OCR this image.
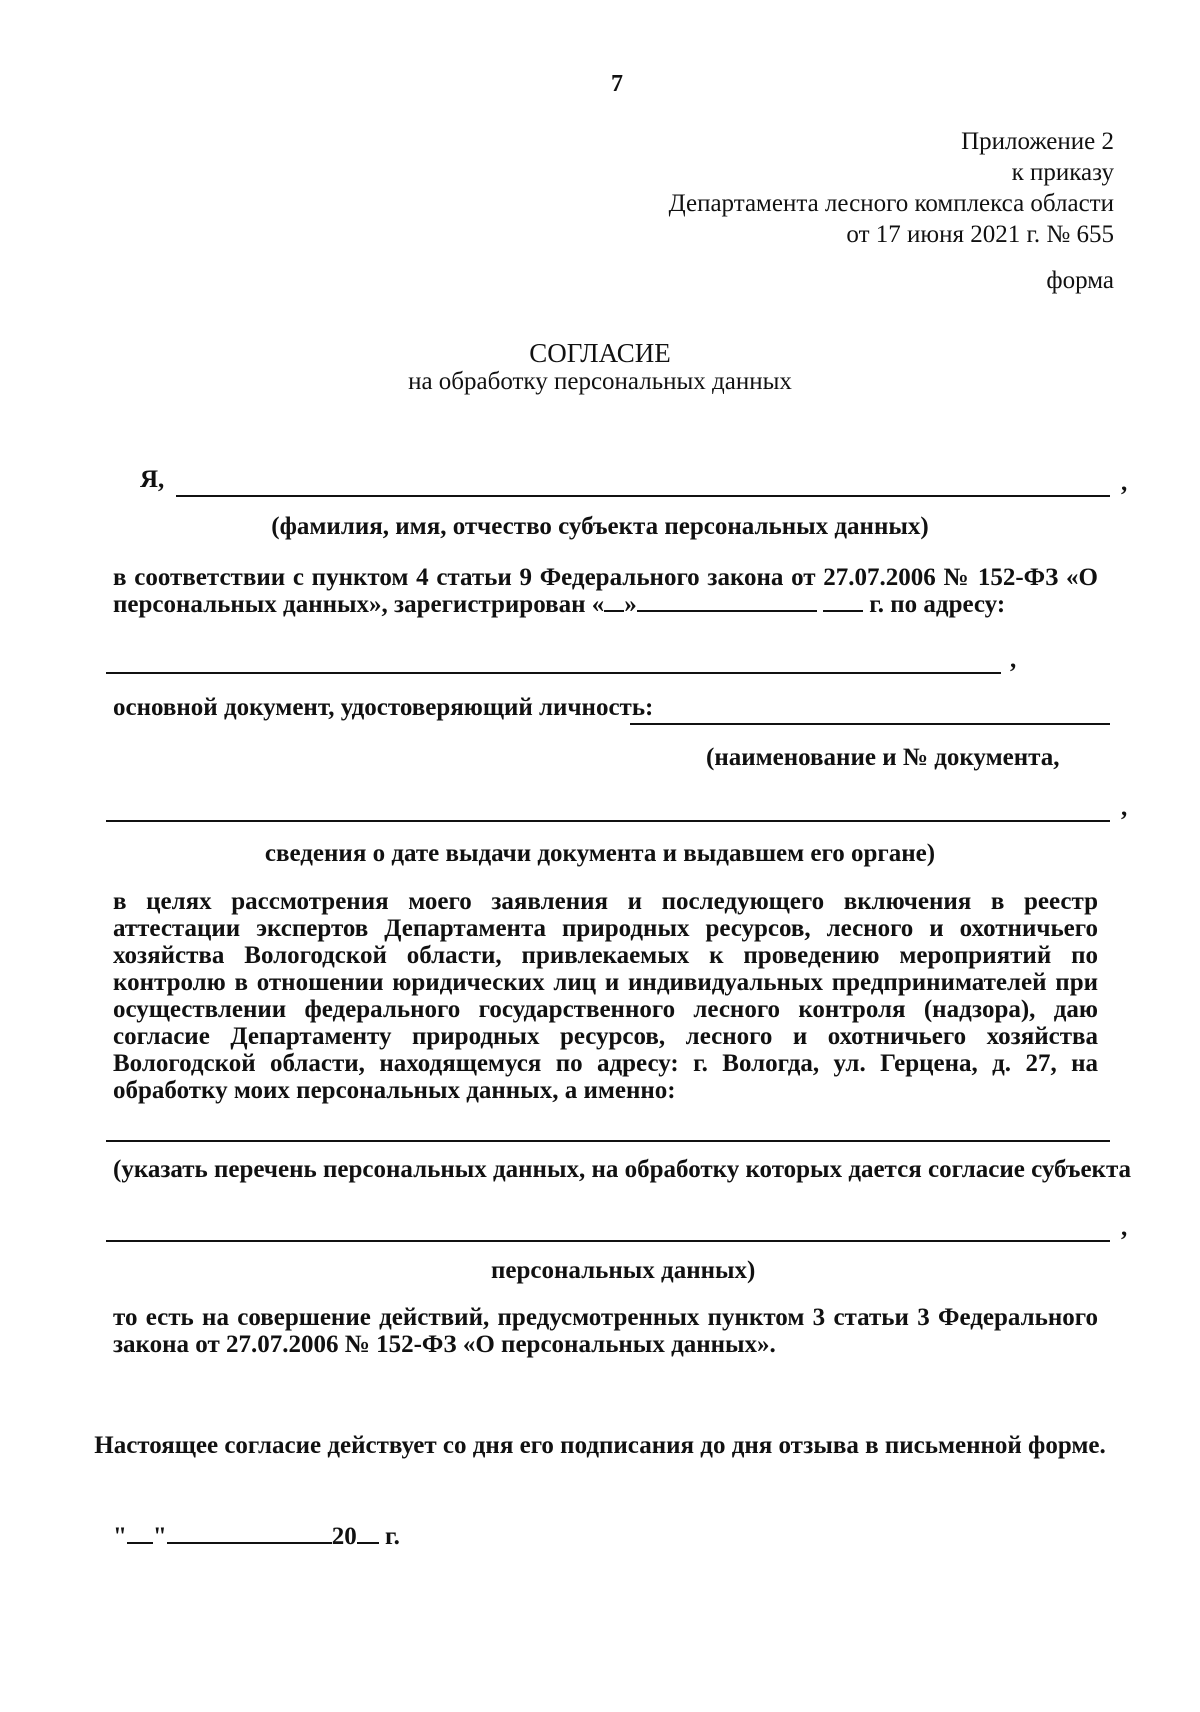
7
Приложение 2
к приказу
Департамента лесного комплекса области
от 17 июня 2021 г. № 655
форма
СОГЛАСИЕ
на обработку персональных данных
Я,	,
(фамилия, имя, отчество субъекта персональных данных)
в соответствии с пунктом 4 статьи 9 Федерального закона от 27.07.2006 № 152-ФЗ «О
персональных данных», зарегистрирован « »	г. по адресу:
,
основной документ, удостоверяющий личность:
(наименование и № документа,
,
сведения о дате выдачи документа и выдавшем его органе)
в целях рассмотрения моего заявления и последующего включения в реестр аттестации экспертов Департамента природных ресурсов, лесного и охотничьего хозяйства Вологодской области, привлекаемых к проведению мероприятий по контролю в отношении юридических лиц и индивидуальных предпринимателей при осуществлении федерального государственного лесного контроля (надзора), даю согласие Департаменту природных ресурсов, лесного и охотничьего хозяйства Вологодской области, находящемуся по адресу: г. Вологда, ул. Герцена, д. 27, на обработку моих персональных данных, а именно:
(указать перечень персональных данных, на обработку которых дается согласие субъекта
,
персональных данных)
то есть на совершение действий, предусмотренных пунктом 3 статьи 3 Федерального закона от 27.07.2006 № 152-ФЗ «О персональных данных».
Настоящее согласие действует со дня его подписания до дня отзыва в письменной форме.
" "	20 г.
